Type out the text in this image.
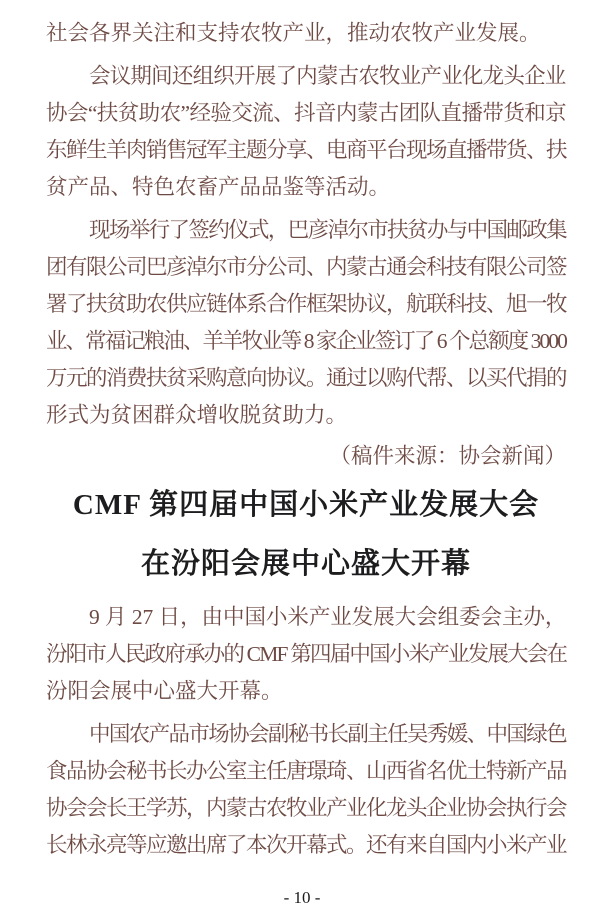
社会各界关注和支持农牧产业，推动农牧产业发展。
会议期间还组织开展了内蒙古农牧业产业化龙头企业
协会“扶贫助农”经验交流、抖音内蒙古团队直播带货和京
东鲜生羊肉销售冠军主题分享、电商平台现场直播带货、扶
贫产品、特色农畜产品品鉴等活动。
现场举行了签约仪式，巴彦淖尔市扶贫办与中国邮政集
团有限公司巴彦淖尔市分公司、内蒙古通会科技有限公司签
署了扶贫助农供应链体系合作框架协议，航联科技、旭一牧
业、常福记粮油、羊羊牧业等 8 家企业签订了 6 个总额度 3000
万元的消费扶贫采购意向协议。通过以购代帮、以买代捐的
形式为贫困群众增收脱贫助力。
（稿件来源：协会新闻）
CMF 第四届中国小米产业发展大会
在汾阳会展中心盛大开幕
9 月 27 日，由中国小米产业发展大会组委会主办，
汾阳市人民政府承办的 CMF 第四届中国小米产业发展大会在
汾阳会展中心盛大开幕。
中国农产品市场协会副秘书长副主任吴秀媛、中国绿色
食品协会秘书长办公室主任唐璟琦、山西省名优土特新产品
协会会长王学苏，内蒙古农牧业产业化龙头企业协会执行会
长林永亮等应邀出席了本次开幕式。还有来自国内小米产业
- 10 -
